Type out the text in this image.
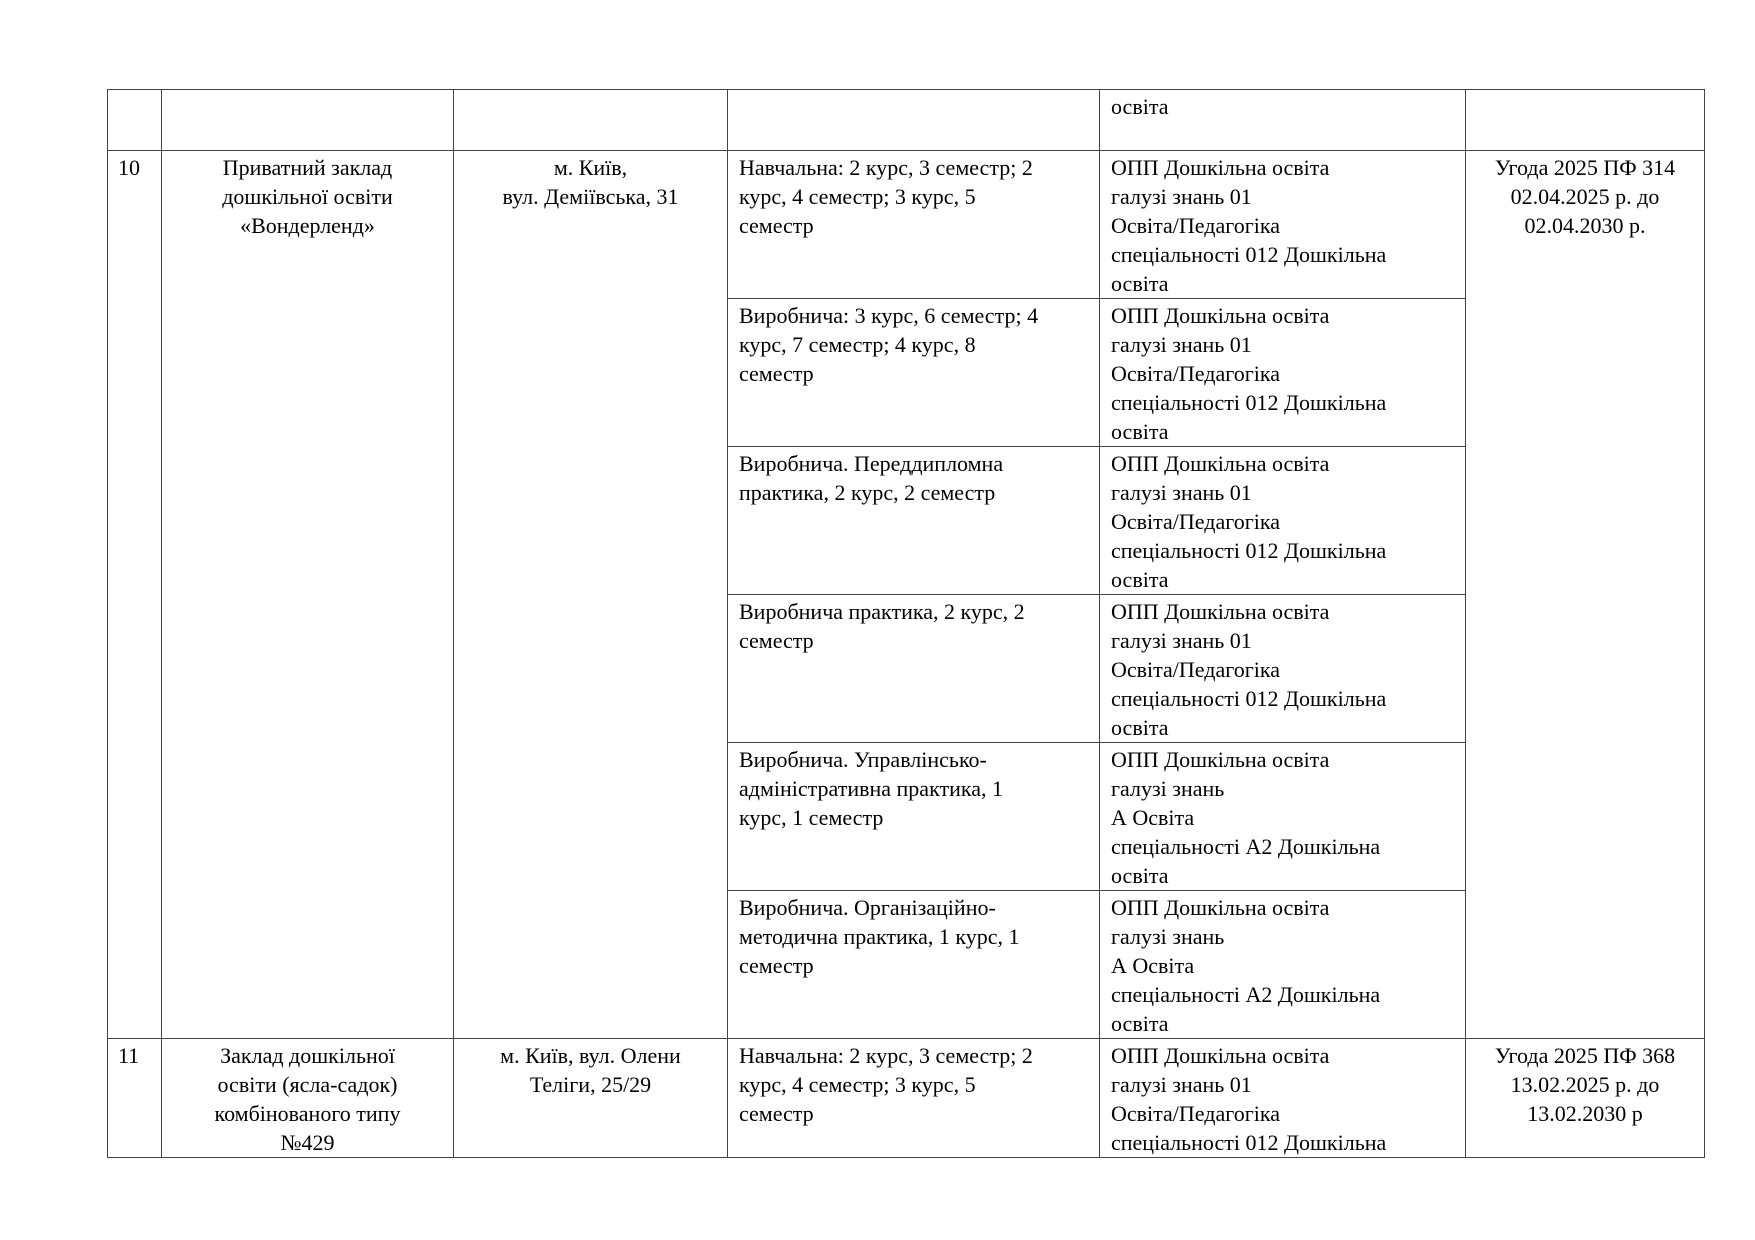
				освіта	

10	Приватний заклад
дошкільної освіти
«Вондерленд»	м. Київ,
вул. Деміївська, 31	Навчальна: 2 курс, 3 семестр; 2
курс, 4 семестр; 3 курс, 5
семестр	ОПП Дошкільна освіта
галузі знань 01
Освіта/Педагогіка
спеціальності 012 Дошкільна
освіта	Угода 2025 ПФ 314
02.04.2025 р. до
02.04.2030 р.

			Виробнича: 3 курс, 6 семестр; 4
курс, 7 семестр; 4 курс, 8
семестр	ОПП Дошкільна освіта
галузі знань 01
Освіта/Педагогіка
спеціальності 012 Дошкільна
освіта	

			Виробнича. Переддипломна
практика, 2 курс, 2 семестр	ОПП Дошкільна освіта
галузі знань 01
Освіта/Педагогіка
спеціальності 012 Дошкільна
освіта	

			Виробнича практика, 2 курс, 2
семестр	ОПП Дошкільна освіта
галузі знань 01
Освіта/Педагогіка
спеціальності 012 Дошкільна
освіта	

			Виробнича. Управлінсько-
адміністративна практика, 1
курс, 1 семестр	ОПП Дошкільна освіта
галузі знань
А Освіта
спеціальності А2 Дошкільна
освіта	

			Виробнича. Організаційно-
методична практика, 1 курс, 1
семестр	ОПП Дошкільна освіта
галузі знань
А Освіта
спеціальності А2 Дошкільна
освіта	

11	Заклад дошкільної
освіти (ясла-садок)
комбінованого типу
№429	м. Київ, вул. Олени
Теліги, 25/29	Навчальна: 2 курс, 3 семестр; 2
курс, 4 семестр; 3 курс, 5
семестр	ОПП Дошкільна освіта
галузі знань 01
Освіта/Педагогіка
спеціальності 012 Дошкільна	Угода 2025 ПФ 368
13.02.2025 р. до
13.02.2030 р
